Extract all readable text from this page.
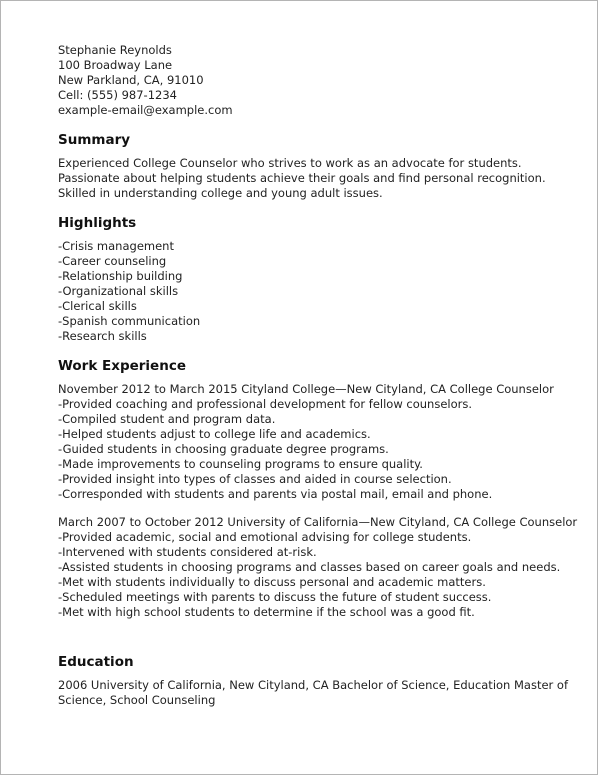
Stephanie Reynolds
100 Broadway Lane
New Parkland, CA, 91010
Cell: (555) 987-1234
example-email@example.com
Summary
Experienced College Counselor who strives to work as an advocate for students. Passionate about helping students achieve their goals and find personal recognition. Skilled in understanding college and young adult issues.
Highlights
-Crisis management
-Career counseling
-Relationship building
-Organizational skills
-Clerical skills
-Spanish communication
-Research skills
Work Experience
November 2012 to March 2015 Cityland College—New Cityland, CA College Counselor
-Provided coaching and professional development for fellow counselors.
-Compiled student and program data.
-Helped students adjust to college life and academics.
-Guided students in choosing graduate degree programs.
-Made improvements to counseling programs to ensure quality.
-Provided insight into types of classes and aided in course selection.
-Corresponded with students and parents via postal mail, email and phone.
March 2007 to October 2012 University of California—New Cityland, CA College Counselor
-Provided academic, social and emotional advising for college students.
-Intervened with students considered at-risk.
-Assisted students in choosing programs and classes based on career goals and needs.
-Met with students individually to discuss personal and academic matters.
-Scheduled meetings with parents to discuss the future of student success.
-Met with high school students to determine if the school was a good fit.
Education
2006 University of California, New Cityland, CA Bachelor of Science, Education Master of Science, School Counseling
